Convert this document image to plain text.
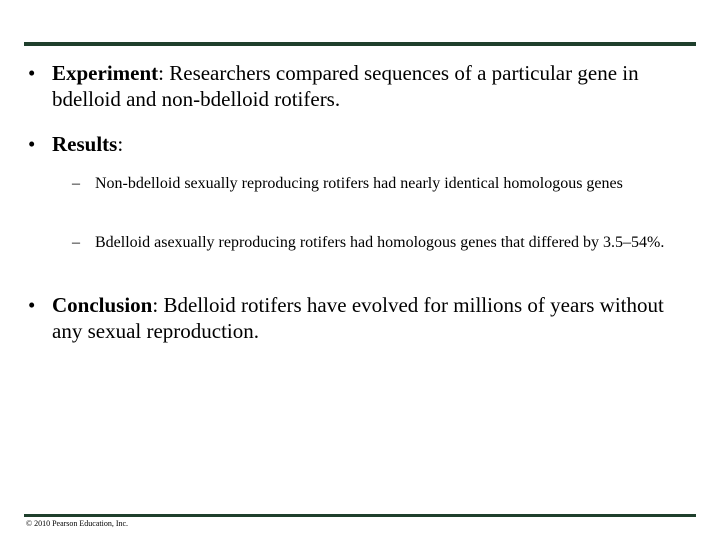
• Experiment: Researchers compared sequences of a particular gene in bdelloid and non-bdelloid rotifers.
• Results:
– Non-bdelloid sexually reproducing rotifers had nearly identical homologous genes
– Bdelloid asexually reproducing rotifers had homologous genes that differed by 3.5–54%.
• Conclusion: Bdelloid rotifers have evolved for millions of years without any sexual reproduction.
© 2010 Pearson Education, Inc.
